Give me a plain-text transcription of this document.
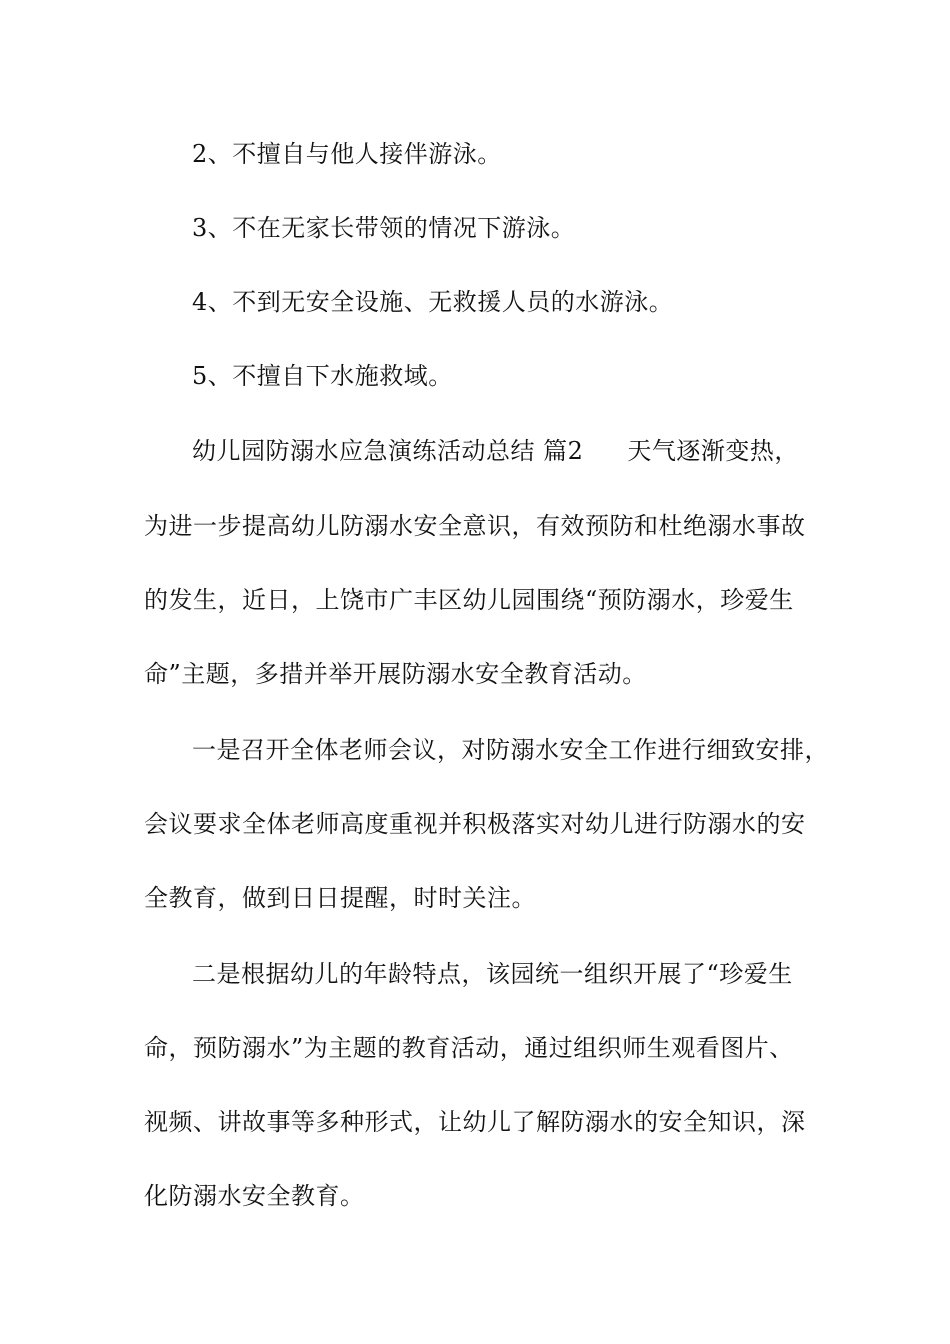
2、不擅自与他人接伴游泳。
3、不在无家长带领的情况下游泳。
4、不到无安全设施、无救援人员的水游泳。
5、不擅自下水施救域。
幼儿园防溺水应急演练活动总结 篇2 天气逐渐变热，
为进一步提高幼儿防溺水安全意识，有效预防和杜绝溺水事故
的发生，近日，上饶市广丰区幼儿园围绕“预防溺水，珍爱生
命”主题，多措并举开展防溺水安全教育活动。
一是召开全体老师会议，对防溺水安全工作进行细致安排，
会议要求全体老师高度重视并积极落实对幼儿进行防溺水的安
全教育，做到日日提醒，时时关注。
二是根据幼儿的年龄特点，该园统一组织开展了“珍爱生
命，预防溺水”为主题的教育活动，通过组织师生观看图片、
视频、讲故事等多种形式，让幼儿了解防溺水的安全知识，深
化防溺水安全教育。
